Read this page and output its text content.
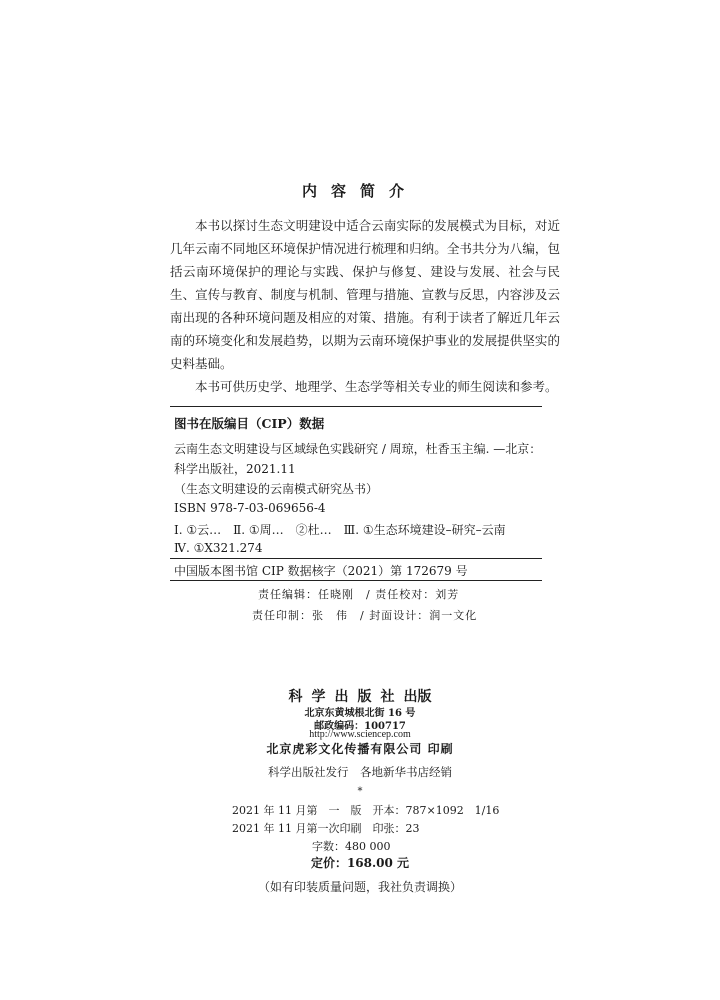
内容简介

本书以探讨生态文明建设中适合云南实际的发展模式为目标，对近几年云南不同地区环境保护情况进行梳理和归纳。全书共分为八编，包括云南环境保护的理论与实践、保护与修复、建设与发展、社会与民生、宣传与教育、制度与机制、管理与措施、宣教与反思，内容涉及云南出现的各种环境问题及相应的对策、措施。有利于读者了解近几年云南的环境变化和发展趋势，以期为云南环境保护事业的发展提供坚实的史料基础。

本书可供历史学、地理学、生态学等相关专业的师生阅读和参考。

图书在版编目（CIP）数据
云南生态文明建设与区域绿色实践研究 / 周琼，杜香玉主编. —北京：
科学出版社，2021.11
（生态文明建设的云南模式研究丛书）
ISBN 978-7-03-069656-4
Ⅰ. ①云…　Ⅱ. ①周…　②杜…　Ⅲ. ①生态环境建设–研究–云南
Ⅳ. ①X321.274
中国版本图书馆 CIP 数据核字（2021）第 172679 号
责任编辑：任晓刚　/ 责任校对：刘芳
责任印制：张　伟　/ 封面设计：润一文化
科学出版社出版
北京东黄城根北街 16 号
邮政编码：100717
http://www.sciencep.com
北京虎彩文化传播有限公司 印刷
科学出版社发行　各地新华书店经销
*
2021 年 11 月第　一　版　开本：787×1092　1/16
2021 年 11 月第一次印刷　印张：23
字数：480 000
定价：168.00 元
（如有印装质量问题，我社负责调换）
